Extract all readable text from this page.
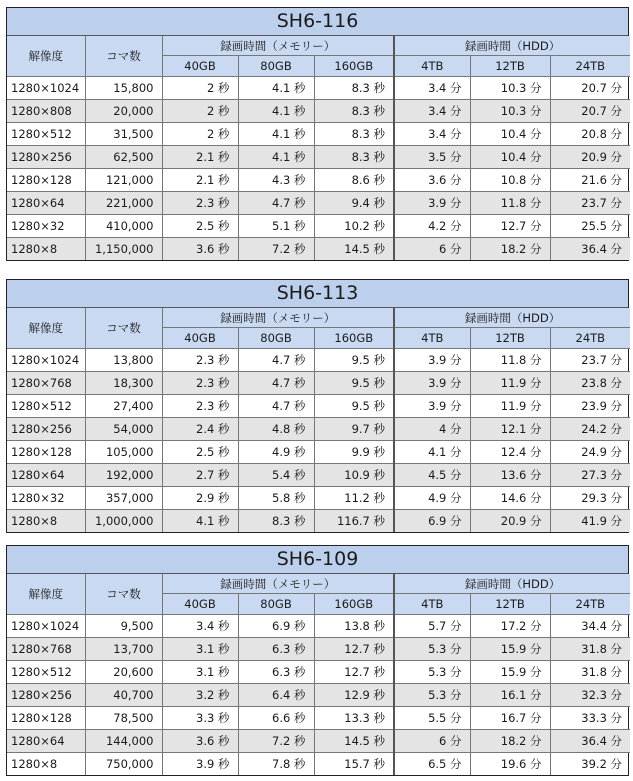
SH6-116
解像度	コマ数	録画時間（メモリー）			録画時間（HDD）		
		40GB	80GB	160GB	4TB	12TB	24TB
1280×1024	15,800	2 秒	4.1 秒	8.3 秒	3.4 分	10.3 分	20.7 分
1280×808	20,000	2 秒	4.1 秒	8.3 秒	3.4 分	10.3 分	20.7 分
1280×512	31,500	2 秒	4.1 秒	8.3 秒	3.4 分	10.4 分	20.8 分
1280×256	62,500	2.1 秒	4.1 秒	8.3 秒	3.5 分	10.4 分	20.9 分
1280×128	121,000	2.1 秒	4.3 秒	8.6 秒	3.6 分	10.8 分	21.6 分
1280×64	221,000	2.3 秒	4.7 秒	9.4 秒	3.9 分	11.8 分	23.7 分
1280×32	410,000	2.5 秒	5.1 秒	10.2 秒	4.2 分	12.7 分	25.5 分
1280×8	1,150,000	3.6 秒	7.2 秒	14.5 秒	6 分	18.2 分	36.4 分
SH6-113
解像度	コマ数	録画時間（メモリー）			録画時間（HDD）		
		40GB	80GB	160GB	4TB	12TB	24TB
1280×1024	13,800	2.3 秒	4.7 秒	9.5 秒	3.9 分	11.8 分	23.7 分
1280×768	18,300	2.3 秒	4.7 秒	9.5 秒	3.9 分	11.9 分	23.8 分
1280×512	27,400	2.3 秒	4.7 秒	9.5 秒	3.9 分	11.9 分	23.9 分
1280×256	54,000	2.4 秒	4.8 秒	9.7 秒	4 分	12.1 分	24.2 分
1280×128	105,000	2.5 秒	4.9 秒	9.9 秒	4.1 分	12.4 分	24.9 分
1280×64	192,000	2.7 秒	5.4 秒	10.9 秒	4.5 分	13.6 分	27.3 分
1280×32	357,000	2.9 秒	5.8 秒	11.2 秒	4.9 分	14.6 分	29.3 分
1280×8	1,000,000	4.1 秒	8.3 秒	116.7 秒	6.9 分	20.9 分	41.9 分
SH6-109
解像度	コマ数	録画時間（メモリー）			録画時間（HDD）		
		40GB	80GB	160GB	4TB	12TB	24TB
1280×1024	9,500	3.4 秒	6.9 秒	13.8 秒	5.7 分	17.2 分	34.4 分
1280×768	13,700	3.1 秒	6.3 秒	12.7 秒	5.3 分	15.9 分	31.8 分
1280×512	20,600	3.1 秒	6.3 秒	12.7 秒	5.3 分	15.9 分	31.8 分
1280×256	40,700	3.2 秒	6.4 秒	12.9 秒	5.3 分	16.1 分	32.3 分
1280×128	78,500	3.3 秒	6.6 秒	13.3 秒	5.5 分	16.7 分	33.3 分
1280×64	144,000	3.6 秒	7.2 秒	14.5 秒	6 分	18.2 分	36.4 分
1280×8	750,000	3.9 秒	7.8 秒	15.7 秒	6.5 分	19.6 分	39.2 分
